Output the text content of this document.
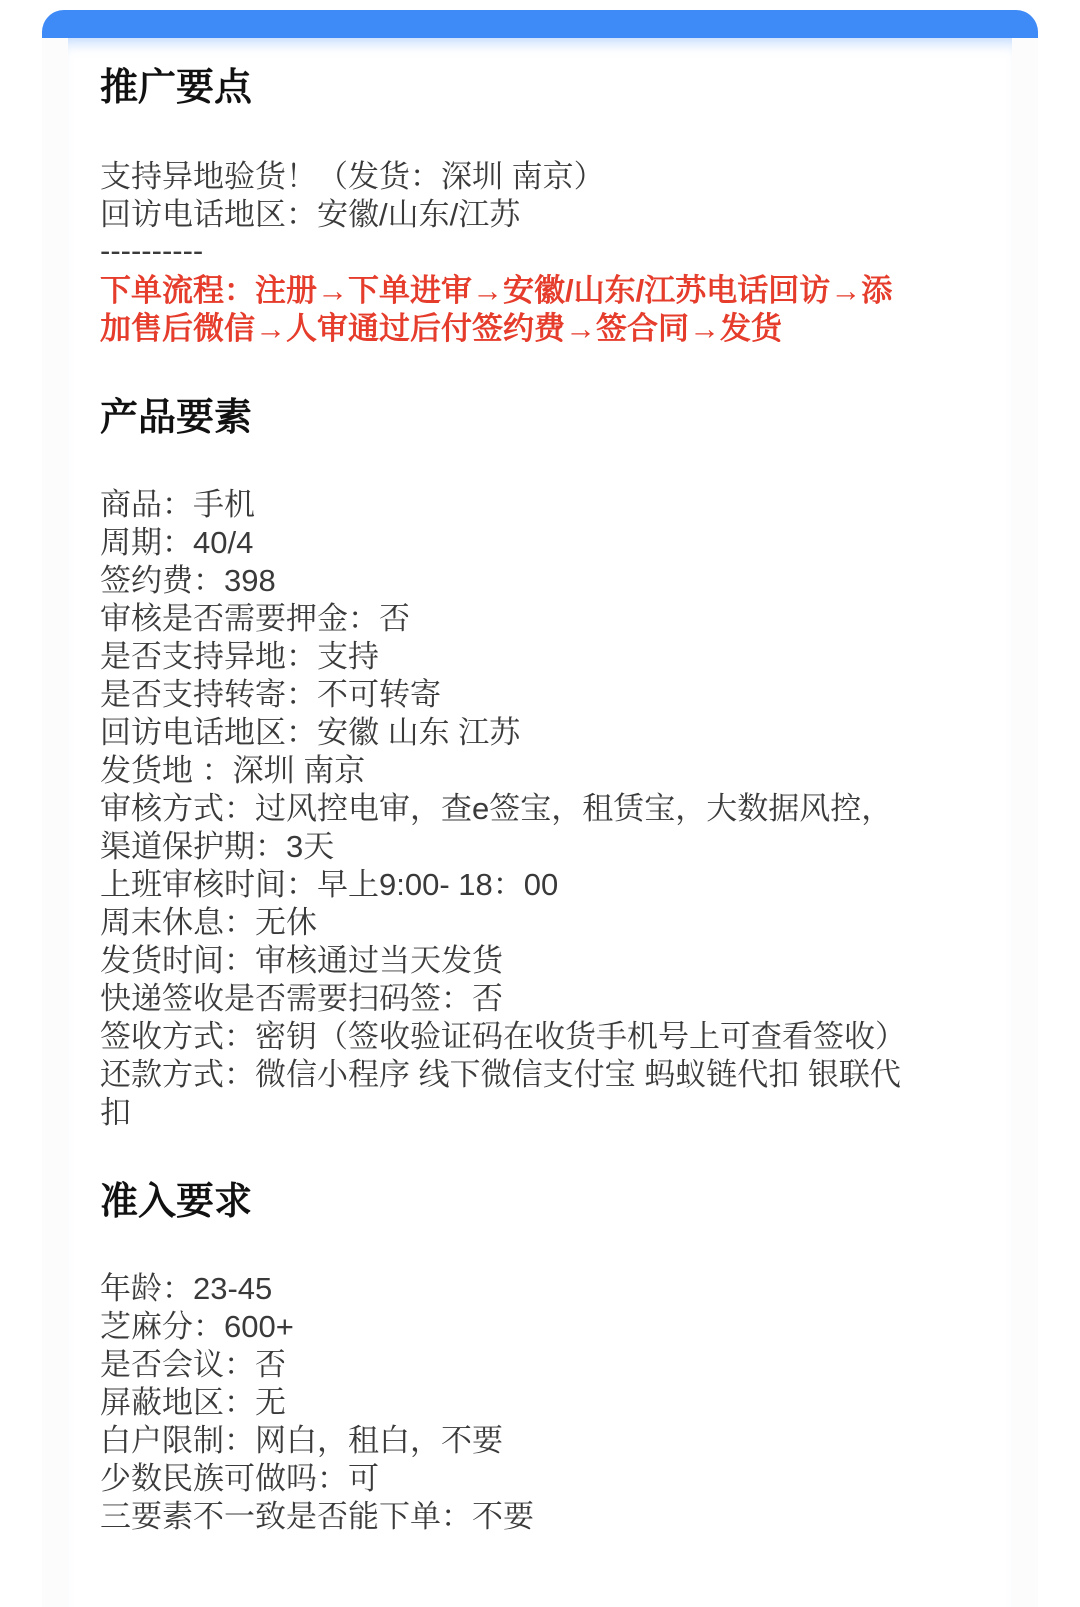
推广要点
支持异地验货！（发货：深圳 南京）
回访电话地区：安徽/山东/江苏
----------
下单流程：注册→下单进审→安徽/山东/江苏电话回访→添
加售后微信→人审通过后付签约费→签合同→发货
产品要素
商品：手机
周期：40/4
签约费：398
审核是否需要押金：否
是否支持异地：支持
是否支持转寄：不可转寄
回访电话地区：安徽 山东 江苏
发货地 ：深圳 南京
审核方式：过风控电审，查e签宝，租赁宝，大数据风控，
渠道保护期：3天
上班审核时间：早上9:00- 18：00
周末休息：无休
发货时间：审核通过当天发货
快递签收是否需要扫码签：否
签收方式：密钥（签收验证码在收货手机号上可查看签收）
还款方式：微信小程序 线下微信支付宝 蚂蚁链代扣 银联代
扣
准入要求
年龄：23-45
芝麻分：600+
是否会议：否
屏蔽地区：无
白户限制：网白，租白，不要
少数民族可做吗：可
三要素不一致是否能下单：不要
